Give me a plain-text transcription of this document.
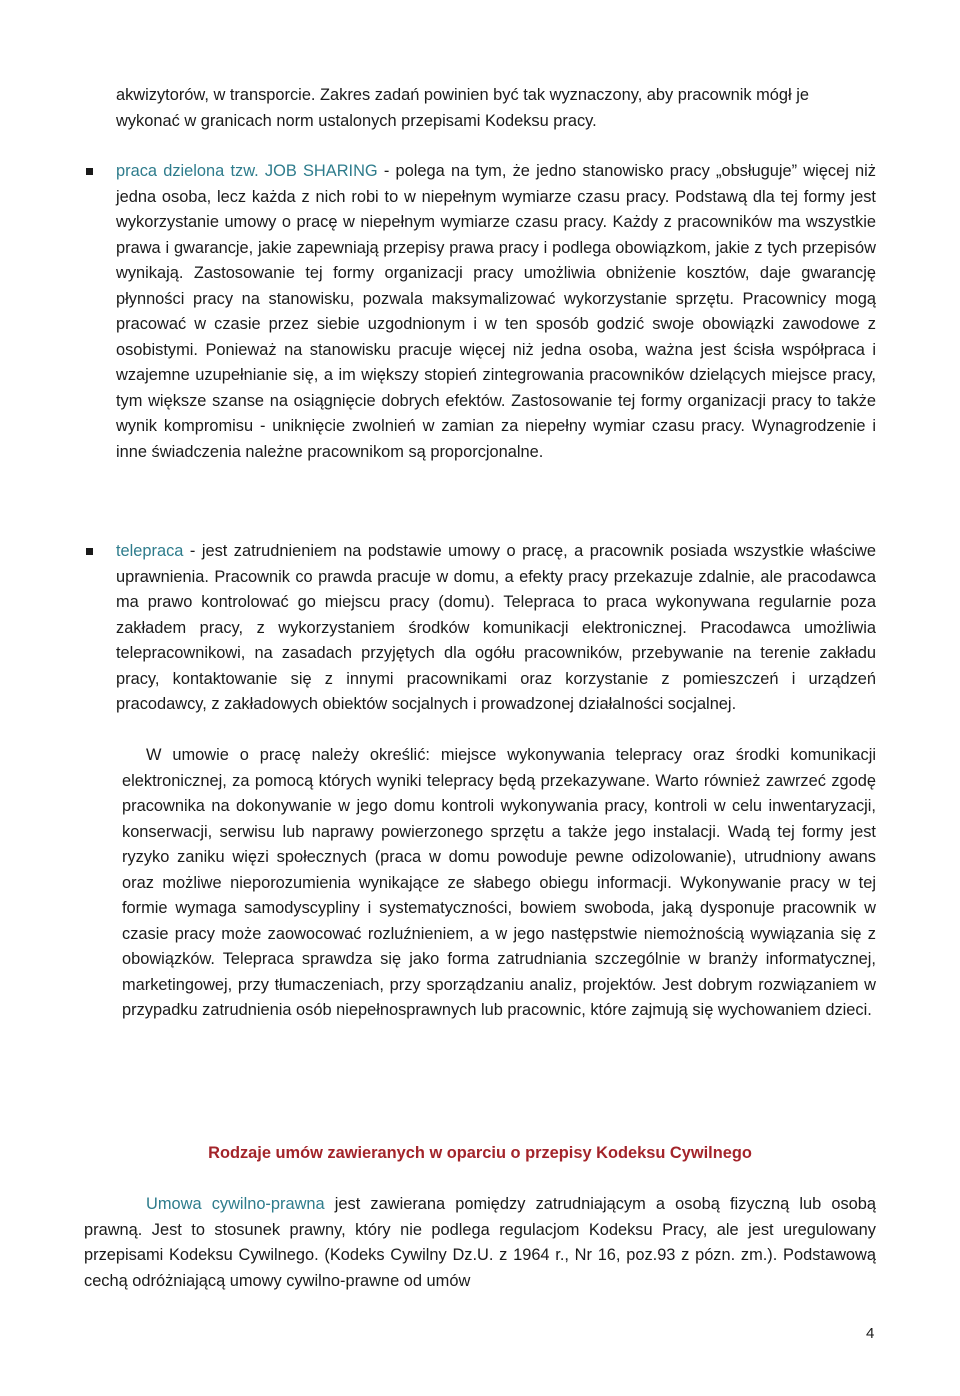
akwizytorów, w transporcie. Zakres zadań powinien być tak wyznaczony, aby pracownik mógł je wykonać w granicach norm ustalonych przepisami Kodeksu pracy.

praca dzielona tzw. JOB SHARING - polega na tym, że jedno stanowisko pracy „obsługuje” więcej niż jedna osoba, lecz każda z nich robi to w niepełnym wymiarze czasu pracy. Podstawą dla tej formy jest wykorzystanie umowy o pracę w niepełnym wymiarze czasu pracy. Każdy z pracowników ma wszystkie prawa i gwarancje, jakie zapewniają przepisy prawa pracy i podlega obowiązkom, jakie z tych przepisów wynikają. Zastosowanie tej formy organizacji pracy umożliwia obniżenie kosztów, daje gwarancję płynności pracy na stanowisku, pozwala maksymalizować wykorzystanie sprzętu. Pracownicy mogą pracować w czasie przez siebie uzgodnionym i w ten sposób godzić swoje obowiązki zawodowe z osobistymi. Ponieważ na stanowisku pracuje więcej niż jedna osoba, ważna jest ścisła współpraca i wzajemne uzupełnianie się, a im większy stopień zintegrowania pracowników dzielących miejsce pracy, tym większe szanse na osiągnięcie dobrych efektów. Zastosowanie tej formy organizacji pracy to także wynik kompromisu - uniknięcie zwolnień w zamian za niepełny wymiar czasu pracy. Wynagrodzenie i inne świadczenia należne pracownikom są proporcjonalne.

telepraca - jest zatrudnieniem na podstawie umowy o pracę, a pracownik posiada wszystkie właściwe uprawnienia. Pracownik co prawda pracuje w domu, a efekty pracy przekazuje zdalnie, ale pracodawca ma prawo kontrolować go miejscu pracy (domu). Telepraca to praca wykonywana regularnie poza zakładem pracy, z wykorzystaniem środków komunikacji elektronicznej. Pracodawca umożliwia telepracownikowi, na zasadach przyjętych dla ogółu pracowników, przebywanie na terenie zakładu pracy, kontaktowanie się z innymi pracownikami oraz korzystanie z pomieszczeń i urządzeń pracodawcy, z zakładowych obiektów socjalnych i prowadzonej działalności socjalnej.

W umowie o pracę należy określić: miejsce wykonywania telepracy oraz środki komunikacji elektronicznej, za pomocą których wyniki telepracy będą przekazywane. Warto również zawrzeć zgodę pracownika na dokonywanie w jego domu kontroli wykonywania pracy, kontroli w celu inwentaryzacji, konserwacji, serwisu lub naprawy powierzonego sprzętu a także jego instalacji. Wadą tej formy jest ryzyko zaniku więzi społecznych (praca w domu powoduje pewne odizolowanie), utrudniony awans oraz możliwe nieporozumienia wynikające ze słabego obiegu informacji. Wykonywanie pracy w tej formie wymaga samodyscypliny i systematyczności, bowiem swoboda, jaką dysponuje pracownik w czasie pracy może zaowocować rozluźnieniem, a w jego następstwie niemożnością wywiązania się z obowiązków. Telepraca sprawdza się jako forma zatrudniania szczególnie w branży informatycznej, marketingowej, przy tłumaczeniach, przy sporządzaniu analiz, projektów. Jest dobrym rozwiązaniem w przypadku zatrudnienia osób niepełnosprawnych lub pracownic, które zajmują się wychowaniem dzieci.

Rodzaje umów zawieranych w oparciu o przepisy Kodeksu Cywilnego

Umowa cywilno-prawna jest zawierana pomiędzy zatrudniającym a osobą fizyczną lub osobą prawną. Jest to stosunek prawny, który nie podlega regulacjom Kodeksu Pracy, ale jest uregulowany przepisami Kodeksu Cywilnego. (Kodeks Cywilny Dz.U. z 1964 r., Nr 16, poz.93 z pózn. zm.). Podstawową cechą odróżniającą umowy cywilno-prawne od umów

4
